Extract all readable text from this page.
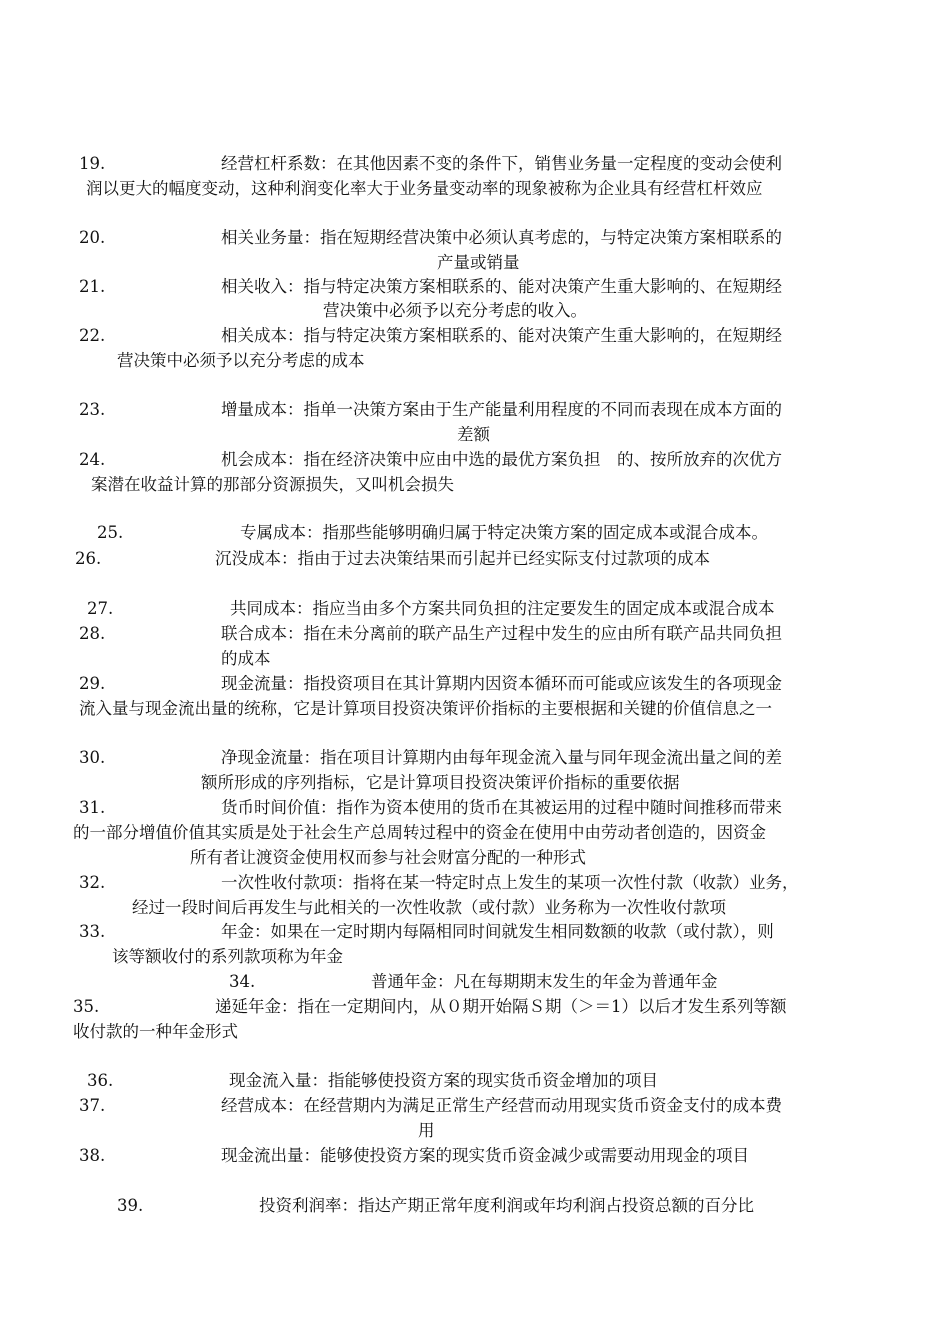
19.	经营杠杆系数：在其他因素不变的条件下，销售业务量一定程度的变动会使利
润以更大的幅度变动，这种利润变化率大于业务量变动率的现象被称为企业具有经营杠杆效应
20.	相关业务量：指在短期经营决策中必须认真考虑的，与特定决策方案相联系的
产量或销量
21.	相关收入：指与特定决策方案相联系的、能对决策产生重大影响的、在短期经
营决策中必须予以充分考虑的收入。
22.	相关成本：指与特定决策方案相联系的、能对决策产生重大影响的，在短期经
营决策中必须予以充分考虑的成本
23.	增量成本：指单一决策方案由于生产能量利用程度的不同而表现在成本方面的
差额
24.	机会成本：指在经济决策中应由中选的最优方案负担　的、按所放弃的次优方
案潜在收益计算的那部分资源损失，又叫机会损失
25.	专属成本：指那些能够明确归属于特定决策方案的固定成本或混合成本。
26.	沉没成本：指由于过去决策结果而引起并已经实际支付过款项的成本
27.	共同成本：指应当由多个方案共同负担的注定要发生的固定成本或混合成本
28.	联合成本：指在未分离前的联产品生产过程中发生的应由所有联产品共同负担
的成本
29.	现金流量：指投资项目在其计算期内因资本循环而可能或应该发生的各项现金
流入量与现金流出量的统称，它是计算项目投资决策评价指标的主要根据和关键的价值信息之一
30.	净现金流量：指在项目计算期内由每年现金流入量与同年现金流出量之间的差
额所形成的序列指标，它是计算项目投资决策评价指标的重要依据
31.	货币时间价值：指作为资本使用的货币在其被运用的过程中随时间推移而带来
的一部分增值价值其实质是处于社会生产总周转过程中的资金在使用中由劳动者创造的，因资金
所有者让渡资金使用权而参与社会财富分配的一种形式
32.	一次性收付款项：指将在某一特定时点上发生的某项一次性付款（收款）业务，
经过一段时间后再发生与此相关的一次性收款（或付款）业务称为一次性收付款项
33.	年金：如果在一定时期内每隔相同时间就发生相同数额的收款（或付款），则
该等额收付的系列款项称为年金
34.	普通年金：凡在每期期末发生的年金为普通年金
35.	递延年金：指在一定期间内，从０期开始隔Ｓ期（＞＝1）以后才发生系列等额
收付款的一种年金形式
36.	现金流入量：指能够使投资方案的现实货币资金增加的项目
37.	经营成本：在经营期内为满足正常生产经营而动用现实货币资金支付的成本费
用
38.	现金流出量：能够使投资方案的现实货币资金减少或需要动用现金的项目
39.	投资利润率：指达产期正常年度利润或年均利润占投资总额的百分比
